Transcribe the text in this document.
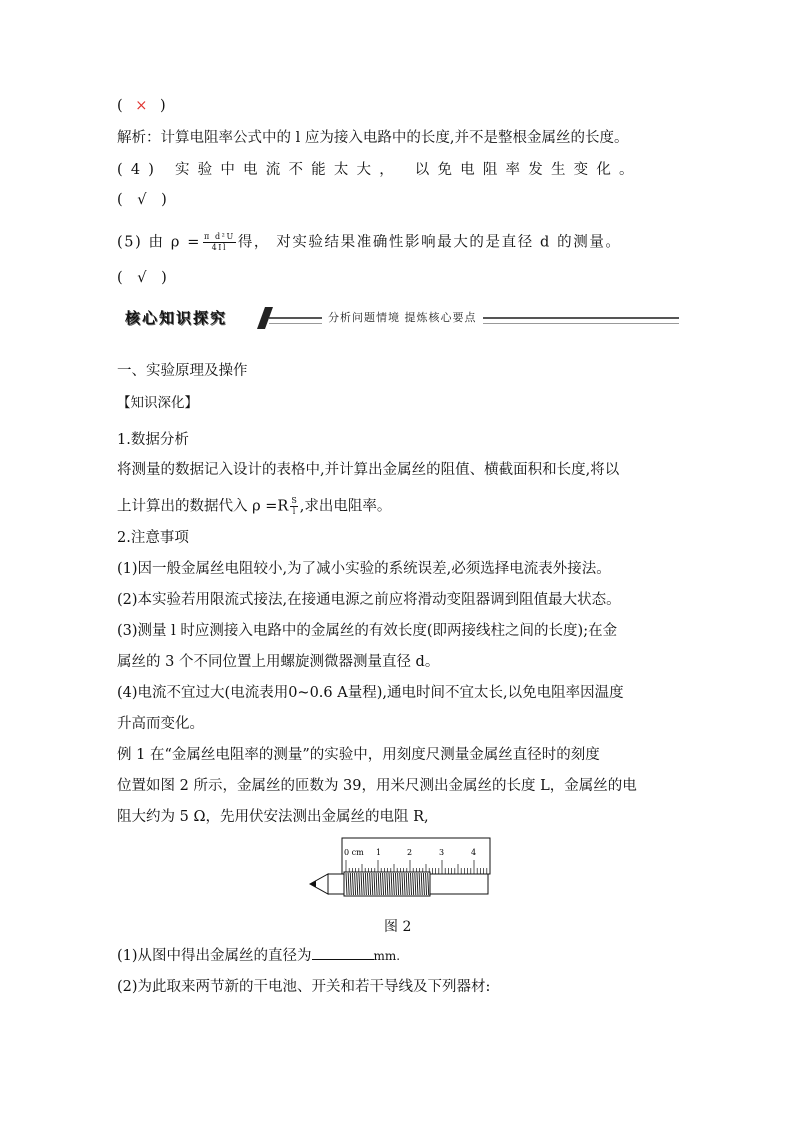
( × )
解析：计算电阻率公式中的 l 应为接入电路中的长度,并不是整根金属丝的长度。
(4) 实验中电流不能太大， 以免电阻率发生变化。
( √ )
(5) 由 $\rho = \frac{\text{π d²U}}{4Il}$ 得， 对实验结果准确性影响最大的是直径 d 的测量。
( √ )
核心知识探究	分析问题情境 提炼核心要点
一、实验原理及操作
【知识深化】
1.数据分析
将测量的数据记入设计的表格中,并计算出金属丝的阻值、横截面积和长度,将以
上计算出的数据代入 $\rho =R \frac{S}{l}$ ,求出电阻率。
2.注意事项
(1)因一般金属丝电阻较小,为了减小实验的系统误差,必须选择电流表外接法。
(2)本实验若用限流式接法,在接通电源之前应将滑动变阻器调到阻值最大状态。
(3)测量 l 时应测接入电路中的金属丝的有效长度(即两接线柱之间的长度);在金
属丝的 3 个不同位置上用螺旋测微器测量直径 d。
(4)电流不宜过大(电流表用0~0.6 A量程),通电时间不宜太长,以免电阻率因温度
升高而变化。
例 1 在“金属丝电阻率的测量”的实验中，用刻度尺测量金属丝直径时的刻度
位置如图 2 所示，金属丝的匝数为 39，用米尺测出金属丝的长度 L，金属丝的电
阻大约为 5 Ω，先用伏安法测出金属丝的电阻 R,
0 cm 1	2	3	4
图 2
(1)从图中得出金属丝的直径为	mm.
(2)为此取来两节新的干电池、开关和若干导线及下列器材:
